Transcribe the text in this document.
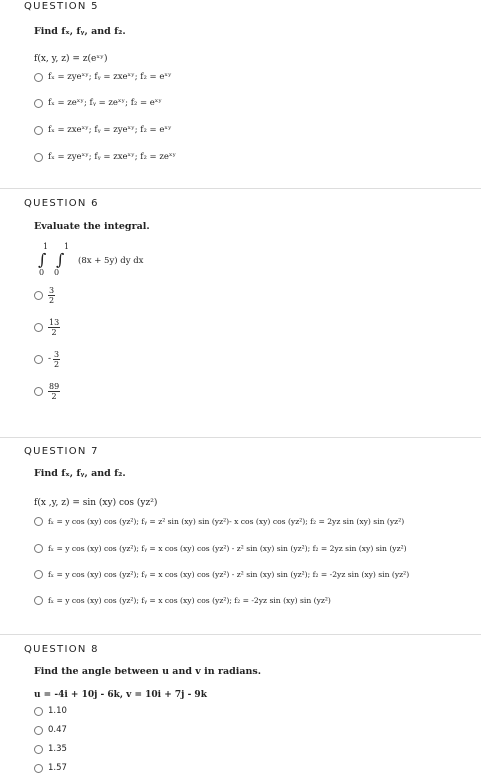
QUESTION 5
Find fₓ, fᵧ, and f₂.
f(x, y, z) = z(eˣʸ)
fₓ = zyeˣʸ; fᵧ = zxeˣʸ; f₂ = eˣʸ
fₓ = zeˣʸ; fᵧ = zeˣʸ; f₂ = eˣʸ
fₓ = zxeˣʸ; fᵧ = zyeˣʸ; f₂ = eˣʸ
fₓ = zyeˣʸ; fᵧ = zxeˣʸ; f₂ = zeˣʸ
QUESTION 6
Evaluate the integral.
1
∫
0
1
∫
0
(8x + 5y) dy dx
$\frac{3}{2}$
$\frac{13}{2}$
- $\frac{3}{2}$
$\frac{89}{2}$
QUESTION 7
Find fₓ, fᵧ, and f₂.
f(x ,y, z) = sin (xy) cos (yz²)
fₓ = y cos (xy) cos (yz²); fᵧ = z² sin (xy) sin (yz²)- x cos (xy) cos (yz²); f₂ = 2yz sin (xy) sin (yz²)
fₓ = y cos (xy) cos (yz²); fᵧ = x cos (xy) cos (yz²) - z² sin (xy) sin (yz²); f₂ = 2yz sin (xy) sin (yz²)
fₓ = y cos (xy) cos (yz²); fᵧ = x cos (xy) cos (yz²) - z² sin (xy) sin (yz²); f₂ = -2yz sin (xy) sin (yz²)
fₓ = y cos (xy) cos (yz²); fᵧ = x cos (xy) cos (yz²); f₂ = -2yz sin (xy) sin (yz²)
QUESTION 8
Find the angle between u and v in radians.
u = -4i + 10j - 6k, v = 10i + 7j - 9k
1.10
0.47
1.35
1.57
